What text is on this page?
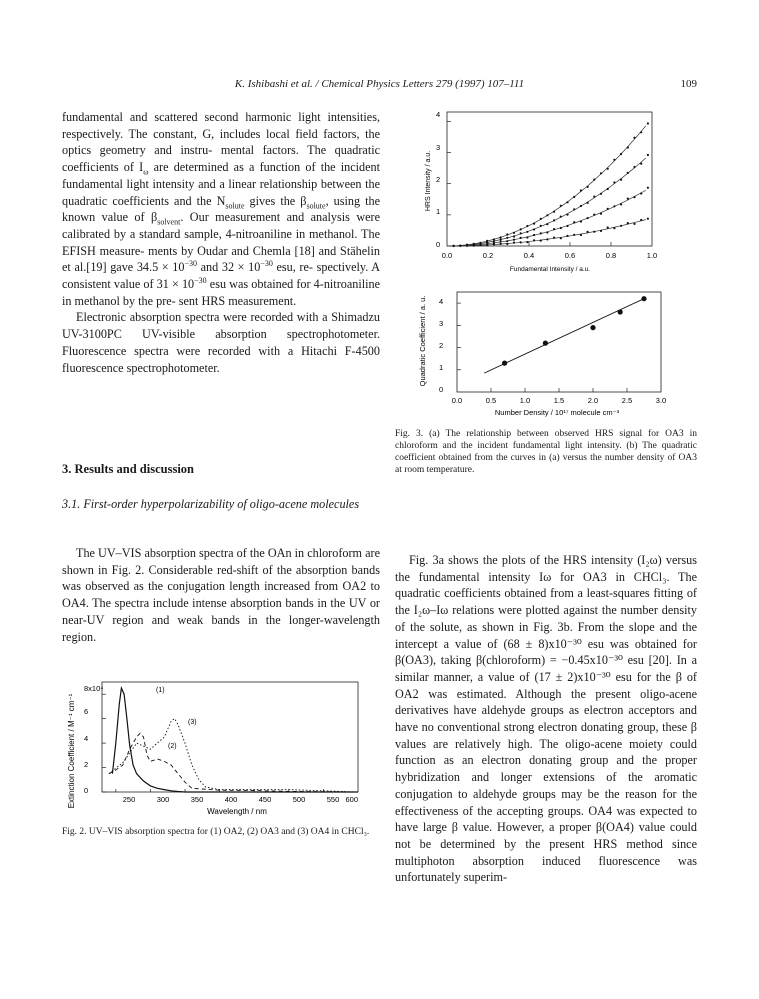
K. Ishibashi et al. / Chemical Physics Letters 279 (1997) 107–111	109

fundamental and scattered second harmonic light intensities, respectively. The constant, G, includes local field factors, the optics geometry and instru- mental factors. The quadratic coefficients of $I_\omega$ are determined as a function of the incident fundamental light intensity and a linear relationship between the quadratic coefficients and the $N_{solute}$ gives the $\beta_{solute}$, using the known value of $\beta_{solvent}$. Our measurement and analysis were calibrated by a standard sample, 4-nitroaniline in methanol. The EFISH measure- ments by Oudar and Chemla [18] and Stähelin et al.[19] gave $34.5 \times 10^{-30}$ and $32 \times 10^{-30}$ esu, re- spectively. A consistent value of $31 \times 10^{-30}$ esu was obtained for 4-nitroaniline in methanol by the pre- sent HRS measurement.

Electronic absorption spectra were recorded with a Shimadzu UV-3100PC UV-visible absorption spectrophotometer. Fluorescence spectra were recorded with a Hitachi F-4500 fluorescence spectrophotometer.

3. Results and discussion
3.1. First-order hyperpolarizability of oligo-acene molecules

The UV–VIS absorption spectra of the OAn in chloroform are shown in Fig. 2. Considerable red-shift of the absorption bands was observed as the conjugation length increased from OA2 to OA4. The spectra include intense absorption bands in the UV or near-UV region and weak bands in the longer-wavelength region.

Extinction Coefficient / M⁻¹ cm⁻¹
8x10⁴
6
4
2
0
250	300	350	400	450	500	550 600
Wavelength / nm
(1)
(2)
(3)
Fig. 2. UV–VIS absorption spectra for (1) OA2, (2) OA3 and (3) OA4 in CHCl₃.
HRS Intensity / a.u.
4
3
2
1
0
0.0	0.2	0.4	0.6	0.8	1.0
Fundamental Intensity / a.u.
Quadratic Coefficient / a. u. 4
3
2
1
0
0.0	0.5	1.0	1.5	2.0	2.5	3.0
Number Density / 10¹⁷ molecule cm⁻³
Fig. 3. (a) The relationship between observed HRS signal for OA3 in chloroform and the incident fundamental light intensity. (b) The quadratic coefficient obtained from the curves in (a) versus the number density of OA3 at room temperature.

Fig. 3a shows the plots of the HRS intensity (I₂ω) versus the fundamental intensity Iω for OA3 in CHCl₃. The quadratic coefficients obtained from a least-squares fitting of the I₂ω–Iω relations were plotted against the number density of the solute, as shown in Fig. 3b. From the slope and the intercept a value of (68 ± 8)x10⁻³⁰ esu was obtained for β(OA3), taking β(chloroform) = −0.45x10⁻³⁰ esu [20]. In a similar manner, a value of (17 ± 2)x10⁻³⁰ esu for the β of OA2 was estimated. Although the present oligo-acene derivatives have aldehyde groups as electron acceptors and have no conventional strong electron donating group, these β values are relatively high. The oligo-acene moiety could function as an electron donating group and the proper hybridization and longer extensions of the aromatic conjugation to aldehyde groups may be the reason for the effectiveness of the accepting groups. OA4 was expected to have large β value. However, a proper β(OA4) value could not be determined by the present HRS method since multiphoton absorption induced fluorescence was unfortunately superim-
